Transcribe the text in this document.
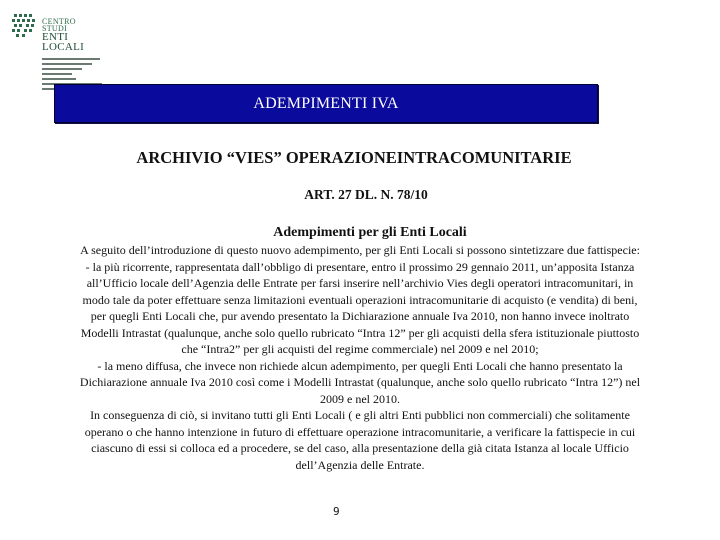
CENTRO
STUDI
ENTI
LOCALI
ADEMPIMENTI IVA
ARCHIVIO “VIES” OPERAZIONEINTRACOMUNITARIE
ART. 27 DL. N. 78/10
Adempimenti per gli Enti Locali
A seguito dell’introduzione di questo nuovo adempimento, per gli Enti Locali si possono sintetizzare due fattispecie:
- la più ricorrente, rappresentata dall’obbligo di presentare, entro il prossimo 29 gennaio 2011, un’apposita Istanza
all’Ufficio locale dell’Agenzia delle Entrate per farsi inserire nell’archivio Vies degli operatori intracomunitari, in
modo tale da poter effettuare senza limitazioni eventuali operazioni intracomunitarie di acquisto (e vendita) di beni,
per quegli Enti Locali che, pur avendo presentato la Dichiarazione annuale Iva 2010, non hanno invece inoltrato
Modelli Intrastat (qualunque, anche solo quello rubricato “Intra 12” per gli acquisti della sfera istituzionale piuttosto
che “Intra2” per gli acquisti del regime commerciale) nel 2009 e nel 2010;
- la meno diffusa, che invece non richiede alcun adempimento, per quegli Enti Locali che hanno presentato la
Dichiarazione annuale Iva 2010 così come i Modelli Intrastat (qualunque, anche solo quello rubricato “Intra 12”) nel
2009 e nel 2010.
In conseguenza di ciò, si invitano tutti gli Enti Locali ( e gli altri Enti pubblici non commerciali) che solitamente
operano o che hanno intenzione in futuro di effettuare operazione intracomunitarie, a verificare la fattispecie in cui
ciascuno di essi si colloca ed a procedere, se del caso, alla presentazione della già citata Istanza al locale Ufficio
dell’Agenzia delle Entrate.
9
